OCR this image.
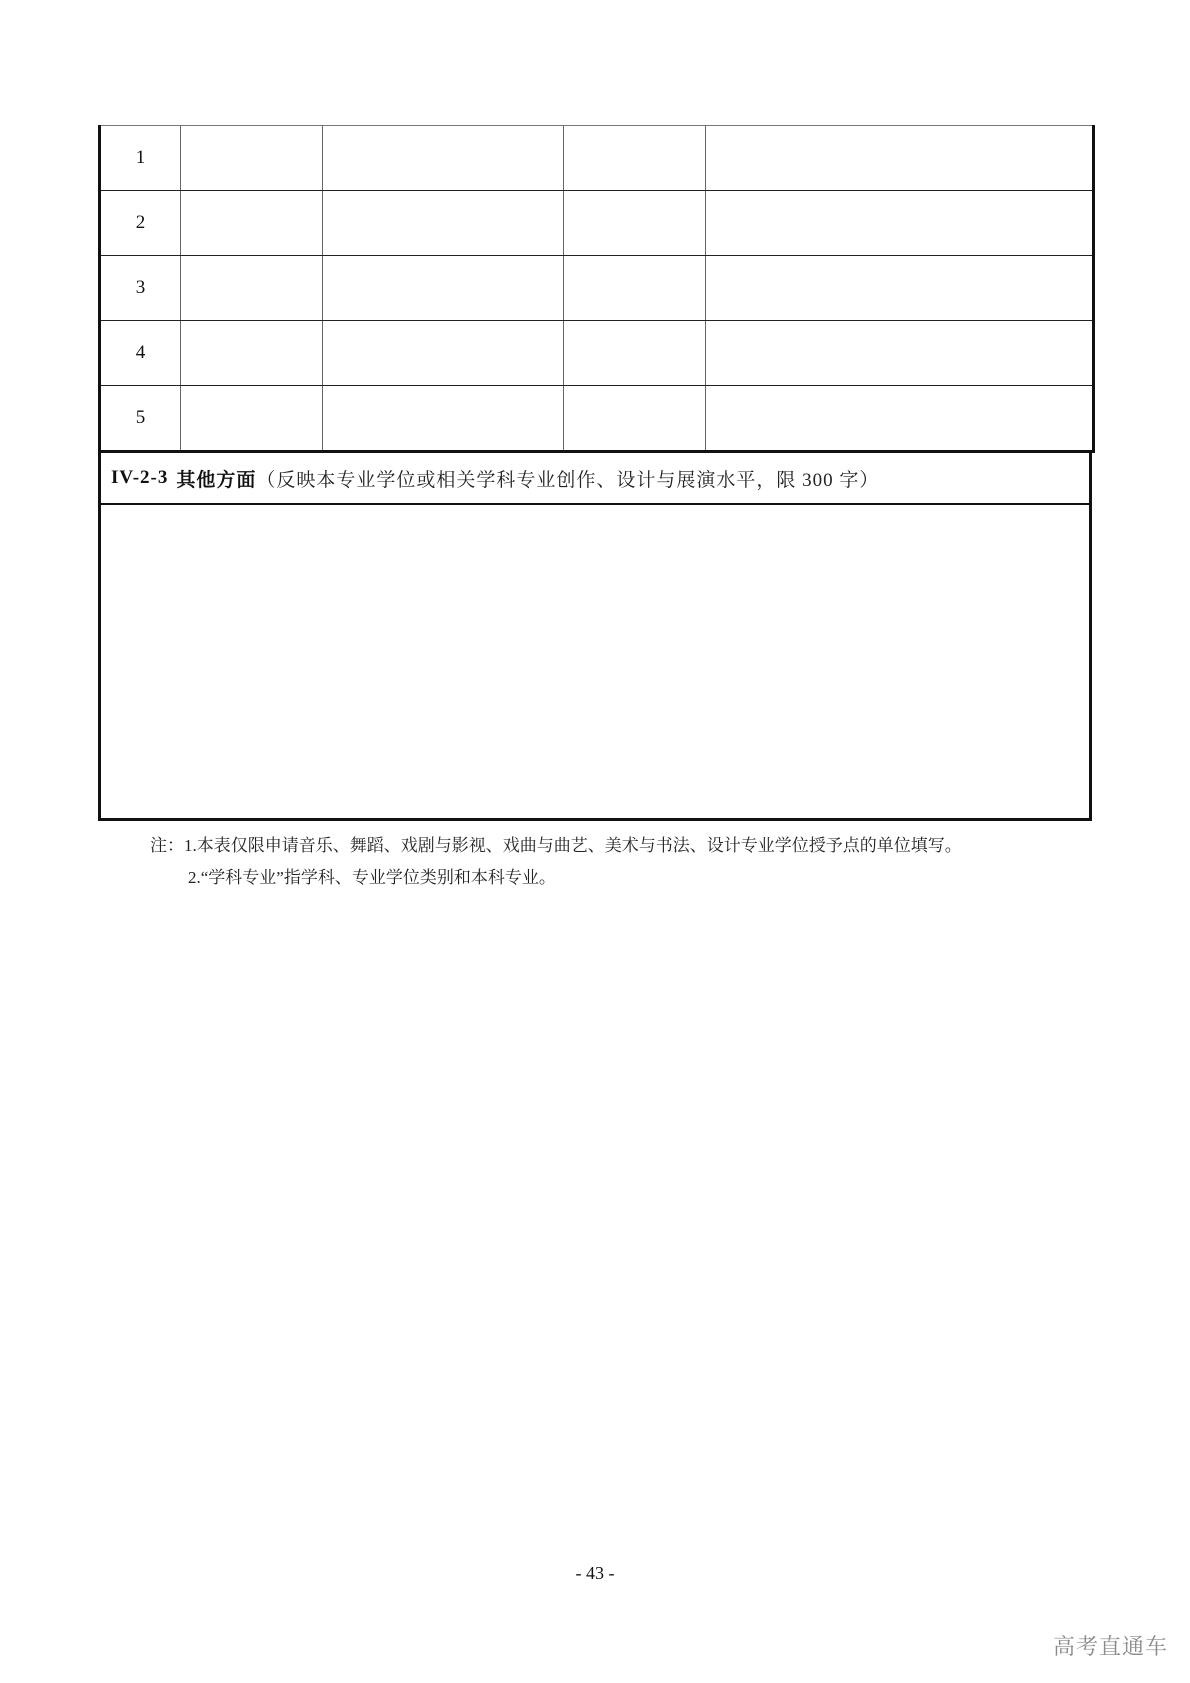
1				
2				
3				
4				
5				
IV-2-3 其他方面 （反映本专业学位或相关学科专业创作、设计与展演水平，限 300 字）
注：1.本表仅限申请音乐、舞蹈、戏剧与影视、戏曲与曲艺、美术与书法、设计专业学位授予点的单位填写。
2.“学科专业”指学科、专业学位类别和本科专业。
- 43 -
高考直通车
